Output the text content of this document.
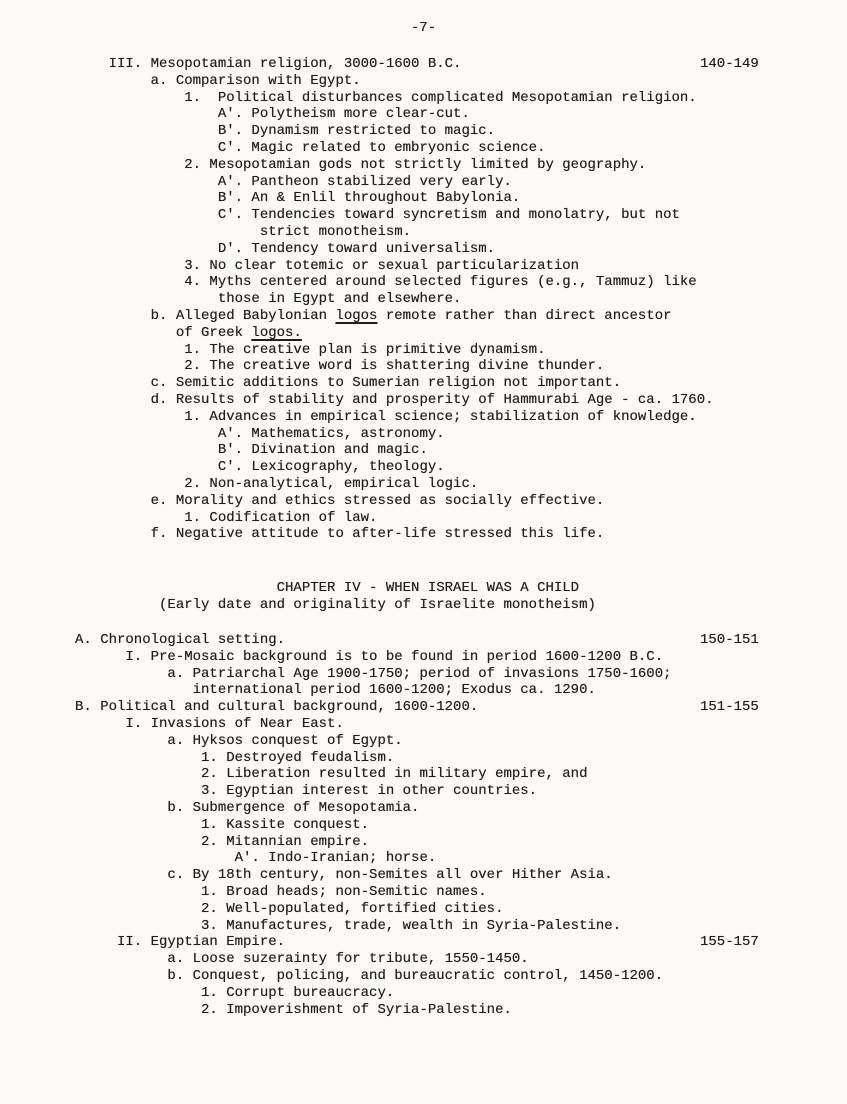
-7-
III. Mesopotamian religion, 3000-1600 B.C.	140-149
a. Comparison with Egypt.
1.  Political disturbances complicated Mesopotamian religion.
A'. Polytheism more clear-cut.
B'. Dynamism restricted to magic.
C'. Magic related to embryonic science.
2. Mesopotamian gods not strictly limited by geography.
A'. Pantheon stabilized very early.
B'. An & Enlil throughout Babylonia.
C'. Tendencies toward syncretism and monolatry, but not
strict monotheism.
D'. Tendency toward universalism.
3. No clear totemic or sexual particularization
4. Myths centered around selected figures (e.g., Tammuz) like
those in Egypt and elsewhere.
b. Alleged Babylonian logos remote rather than direct ancestor
of Greek logos.
1. The creative plan is primitive dynamism.
2. The creative word is shattering divine thunder.
c. Semitic additions to Sumerian religion not important.
d. Results of stability and prosperity of Hammurabi Age - ca. 1760.
1. Advances in empirical science; stabilization of knowledge.
A'. Mathematics, astronomy.
B'. Divination and magic.
C'. Lexicography, theology.
2. Non-analytical, empirical logic.
e. Morality and ethics stressed as socially effective.
1. Codification of law.
f. Negative attitude to after-life stressed this life.
CHAPTER IV - WHEN ISRAEL WAS A CHILD
(Early date and originality of Israelite monotheism)
A. Chronological setting.	150-151
I. Pre-Mosaic background is to be found in period 1600-1200 B.C.
a. Patriarchal Age 1900-1750; period of invasions 1750-1600;
international period 1600-1200; Exodus ca. 1290.
B. Political and cultural background, 1600-1200.	151-155
I. Invasions of Near East.
a. Hyksos conquest of Egypt.
1. Destroyed feudalism.
2. Liberation resulted in military empire, and
3. Egyptian interest in other countries.
b. Submergence of Mesopotamia.
1. Kassite conquest.
2. Mitannian empire.
A'. Indo-Iranian; horse.
c. By 18th century, non-Semites all over Hither Asia.
1. Broad heads; non-Semitic names.
2. Well-populated, fortified cities.
3. Manufactures, trade, wealth in Syria-Palestine.
II. Egyptian Empire.	155-157
a. Loose suzerainty for tribute, 1550-1450.
b. Conquest, policing, and bureaucratic control, 1450-1200.
1. Corrupt bureaucracy.
2. Impoverishment of Syria-Palestine.
